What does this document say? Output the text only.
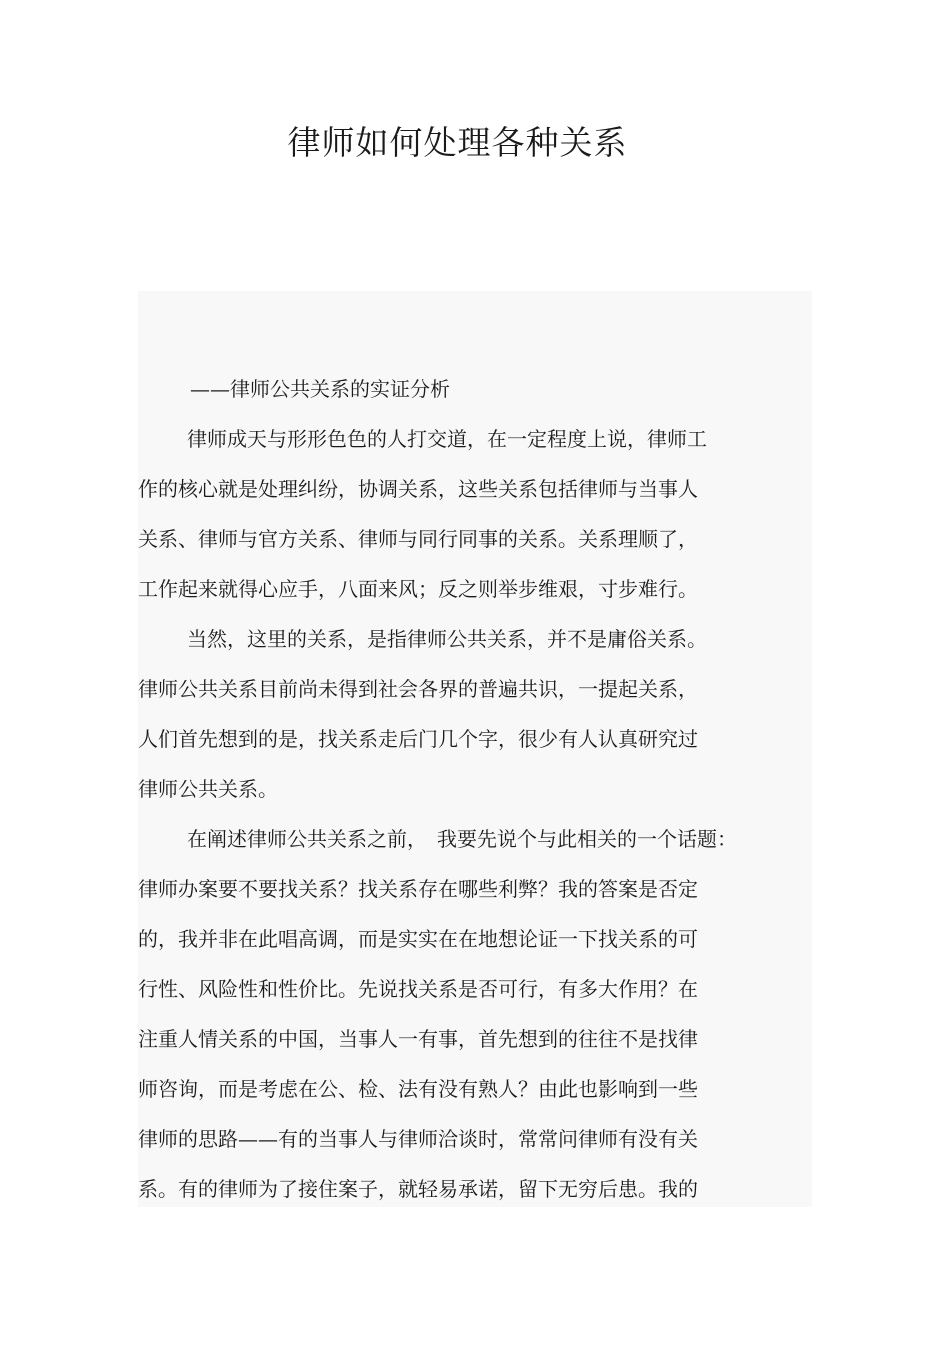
律师如何处理各种关系
——律师公共关系的实证分析
律师成天与形形色色的人打交道，在一定程度上说，律师工
作的核心就是处理纠纷，协调关系，这些关系包括律师与当事人
关系、律师与官方关系、律师与同行同事的关系。关系理顺了，
工作起来就得心应手，八面来风；反之则举步维艰，寸步难行。
当然，这里的关系，是指律师公共关系，并不是庸俗关系。
律师公共关系目前尚未得到社会各界的普遍共识，一提起关系，
人们首先想到的是，找关系走后门几个字，很少有人认真研究过
律师公共关系。
在阐述律师公共关系之前，　我要先说个与此相关的一个话题：
律师办案要不要找关系？找关系存在哪些利弊？我的答案是否定
的，我并非在此唱高调，而是实实在在地想论证一下找关系的可
行性、风险性和性价比。先说找关系是否可行，有多大作用？在
注重人情关系的中国，当事人一有事，首先想到的往往不是找律
师咨询，而是考虑在公、检、法有没有熟人？由此也影响到一些
律师的思路——有的当事人与律师洽谈时，常常问律师有没有关
系。有的律师为了接住案子，就轻易承诺，留下无穷后患。我的
